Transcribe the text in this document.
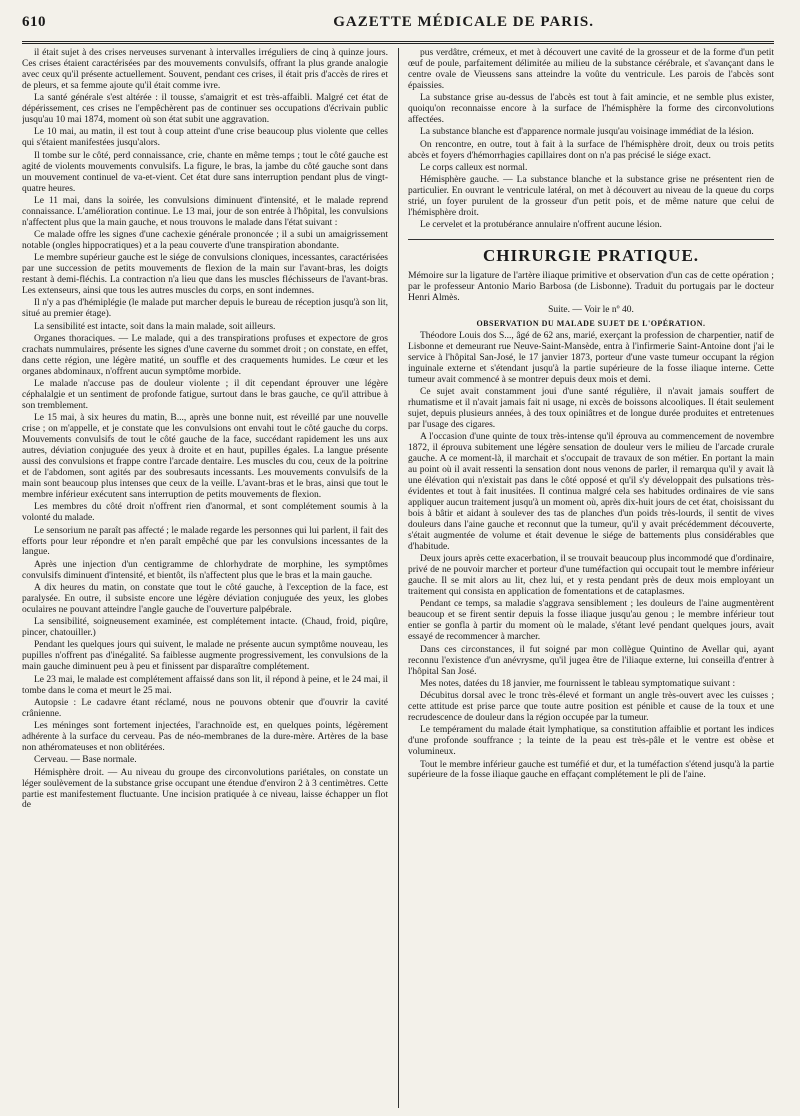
610	GAZETTE MÉDICALE DE PARIS.

il était sujet à des crises nerveuses survenant à intervalles irréguliers de cinq à quinze jours. Ces crises étaient caractérisées par des mouvements convulsifs, offrant la plus grande analogie avec ceux qu'il présente actuellement. Souvent, pendant ces crises, il était pris d'accès de rires et de pleurs, et sa femme ajoute qu'il était comme ivre.

La santé générale s'est altérée : il tousse, s'amaigrit et est très-affaibli. Malgré cet état de dépérissement, ces crises ne l'empêchèrent pas de continuer ses occupations d'écrivain public jusqu'au 10 mai 1874, moment où son état subit une aggravation.

Le 10 mai, au matin, il est tout à coup atteint d'une crise beaucoup plus violente que celles qui s'étaient manifestées jusqu'alors.

Il tombe sur le côté, perd connaissance, crie, chante en même temps ; tout le côté gauche est agité de violents mouvements convulsifs. La figure, le bras, la jambe du côté gauche sont dans un mouvement continuel de va-et-vient. Cet état dure sans interruption pendant plus de vingt-quatre heures.

Le 11 mai, dans la soirée, les convulsions diminuent d'intensité, et le malade reprend connaissance. L'amélioration continue. Le 13 mai, jour de son entrée à l'hôpital, les convulsions n'affectent plus que la main gauche, et nous trouvons le malade dans l'état suivant :

Ce malade offre les signes d'une cachexie générale prononcée ; il a subi un amaigrissement notable (ongles hippocratiques) et a la peau couverte d'une transpiration abondante.

Le membre supérieur gauche est le siége de convulsions cloniques, incessantes, caractérisées par une succession de petits mouvements de flexion de la main sur l'avant-bras, les doigts restant à demi-fléchis. La contraction n'a lieu que dans les muscles fléchisseurs de l'avant-bras. Les extenseurs, ainsi que tous les autres muscles du corps, en sont indemnes.

Il n'y a pas d'hémiplégie (le malade put marcher depuis le bureau de réception jusqu'à son lit, situé au premier étage).

La sensibilité est intacte, soit dans la main malade, soit ailleurs.

Organes thoraciques. — Le malade, qui a des transpirations profuses et expectore de gros crachats nummulaires, présente les signes d'une caverne du sommet droit ; on constate, en effet, dans cette région, une légère matité, un souffle et des craquements humides. Le cœur et les organes abdominaux, n'offrent aucun symptôme morbide.

Le malade n'accuse pas de douleur violente ; il dit cependant éprouver une légère céphalalgie et un sentiment de profonde fatigue, surtout dans le bras gauche, ce qu'il attribue à son tremblement.

Le 15 mai, à six heures du matin, B..., après une bonne nuit, est réveillé par une nouvelle crise ; on m'appelle, et je constate que les convulsions ont envahi tout le côté gauche du corps. Mouvements convulsifs de tout le côté gauche de la face, succédant rapidement les uns aux autres, déviation conjuguée des yeux à droite et en haut, pupilles égales. La langue présente aussi des convulsions et frappe contre l'arcade dentaire. Les muscles du cou, ceux de la poitrine et de l'abdomen, sont agités par des soubresauts incessants. Les mouvements convulsifs de la main sont beaucoup plus intenses que ceux de la veille. L'avant-bras et le bras, ainsi que tout le membre inférieur exécutent sans interruption de petits mouvements de flexion.

Les membres du côté droit n'offrent rien d'anormal, et sont complétement soumis à la volonté du malade.

Le sensorium ne paraît pas affecté ; le malade regarde les personnes qui lui parlent, il fait des efforts pour leur répondre et n'en paraît empêché que par les convulsions incessantes de la langue.

Après une injection d'un centigramme de chlorhydrate de morphine, les symptômes convulsifs diminuent d'intensité, et bientôt, ils n'affectent plus que le bras et la main gauche.

A dix heures du matin, on constate que tout le côté gauche, à l'exception de la face, est paralysée. En outre, il subsiste encore une légère déviation conjuguée des yeux, les globes oculaires ne pouvant atteindre l'angle gauche de l'ouverture palpébrale.

La sensibilité, soigneusement examinée, est complétement intacte. (Chaud, froid, piqûre, pincer, chatouiller.)

Pendant les quelques jours qui suivent, le malade ne présente aucun symptôme nouveau, les pupilles n'offrent pas d'inégalité. Sa faiblesse augmente progressivement, les convulsions de la main gauche diminuent peu à peu et finissent par disparaître complétement.

Le 23 mai, le malade est complétement affaissé dans son lit, il répond à peine, et le 24 mai, il tombe dans le coma et meurt le 25 mai.

Autopsie : Le cadavre étant réclamé, nous ne pouvons obtenir que d'ouvrir la cavité crânienne.

Les méninges sont fortement injectées, l'arachnoïde est, en quelques points, légèrement adhérente à la surface du cerveau. Pas de néo-membranes de la dure-mère. Artères de la base non athéromateuses et non oblitérées.

Cerveau. — Base normale.

Hémisphère droit. — Au niveau du groupe des circonvolutions pariétales, on constate un léger soulèvement de la substance grise occupant une étendue d'environ 2 à 3 centimètres. Cette partie est manifestement fluctuante. Une incision pratiquée à ce niveau, laisse échapper un flot de

pus verdâtre, crémeux, et met à découvert une cavité de la grosseur et de la forme d'un petit œuf de poule, parfaitement délimitée au milieu de la substance cérébrale, et s'avançant dans le centre ovale de Vieussens sans atteindre la voûte du ventricule. Les parois de l'abcès sont épaissies.

La substance grise au-dessus de l'abcès est tout à fait amincie, et ne semble plus exister, quoiqu'on reconnaisse encore à la surface de l'hémisphère la forme des circonvolutions affectées.

La substance blanche est d'apparence normale jusqu'au voisinage immédiat de la lésion.

On rencontre, en outre, tout à fait à la surface de l'hémisphère droit, deux ou trois petits abcès et foyers d'hémorrhagies capillaires dont on n'a pas précisé le siége exact.

Le corps calleux est normal.

Hémisphère gauche. — La substance blanche et la substance grise ne présentent rien de particulier. En ouvrant le ventricule latéral, on met à découvert au niveau de la queue du corps strié, un foyer purulent de la grosseur d'un petit pois, et de même nature que celui de l'hémisphère droit.

Le cervelet et la protubérance annulaire n'offrent aucune lésion.

CHIRURGIE PRATIQUE.

Mémoire sur la ligature de l'artère iliaque primitive et observation d'un cas de cette opération ; par le professeur Antonio Mario Barbosa (de Lisbonne). Traduit du portugais par le docteur Henri Almès.

Suite. — Voir le nº 40.

OBSERVATION DU MALADE SUJET DE L'OPÉRATION.

Théodore Louis dos S..., âgé de 62 ans, marié, exerçant la profession de charpentier, natif de Lisbonne et demeurant rue Neuve-Saint-Mansède, entra à l'infirmerie Saint-Antoine dont j'ai le service à l'hôpital San-José, le 17 janvier 1873, porteur d'une vaste tumeur occupant la région inguinale externe et s'étendant jusqu'à la partie supérieure de la fosse iliaque interne. Cette tumeur avait commencé à se montrer depuis deux mois et demi.

Ce sujet avait constamment joui d'une santé régulière, il n'avait jamais souffert de rhumatisme et il n'avait jamais fait ni usage, ni excès de boissons alcooliques. Il était seulement sujet, depuis plusieurs années, à des toux opiniâtres et de longue durée produites et entretenues par l'usage des cigares.

A l'occasion d'une quinte de toux très-intense qu'il éprouva au commencement de novembre 1872, il éprouva subitement une légère sensation de douleur vers le milieu de l'arcade crurale gauche. A ce moment-là, il marchait et s'occupait de travaux de son métier. En portant la main au point où il avait ressenti la sensation dont nous venons de parler, il remarqua qu'il y avait là une élévation qui n'existait pas dans le côté opposé et qu'il s'y développait des pulsations très-évidentes et tout à fait inusitées. Il continua malgré cela ses habitudes ordinaires de vie sans appliquer aucun traitement jusqu'à un moment où, après dix-huit jours de cet état, choisissant du bois à bâtir et aidant à soulever des tas de planches d'un poids très-lourds, il sentit de vives douleurs dans l'aine gauche et reconnut que la tumeur, qu'il y avait précédemment découverte, s'était augmentée de volume et était devenue le siége de battements plus considérables que d'habitude.

Deux jours après cette exacerbation, il se trouvait beaucoup plus incommodé que d'ordinaire, privé de ne pouvoir marcher et porteur d'une tuméfaction qui occupait tout le membre inférieur gauche. Il se mit alors au lit, chez lui, et y resta pendant près de deux mois employant un traitement qui consista en application de fomentations et de cataplasmes.

Pendant ce temps, sa maladie s'aggrava sensiblement ; les douleurs de l'aine augmentèrent beaucoup et se firent sentir depuis la fosse iliaque jusqu'au genou ; le membre inférieur tout entier se gonfla à partir du moment où le malade, s'étant levé pendant quelques jours, avait essayé de recommencer à marcher.

Dans ces circonstances, il fut soigné par mon collègue Quintino de Avellar qui, ayant reconnu l'existence d'un anévrysme, qu'il jugea être de l'iliaque externe, lui conseilla d'entrer à l'hôpital San José.

Mes notes, datées du 18 janvier, me fournissent le tableau symptomatique suivant :

Décubitus dorsal avec le tronc très-élevé et formant un angle très-ouvert avec les cuisses ; cette attitude est prise parce que toute autre position est pénible et cause de la toux et une recrudescence de douleur dans la région occupée par la tumeur.

Le tempérament du malade était lymphatique, sa constitution affaiblie et portant les indices d'une profonde souffrance ; la teinte de la peau est très-pâle et le ventre est obèse et volumineux.

Tout le membre inférieur gauche est tuméfié et dur, et la tuméfaction s'étend jusqu'à la partie supérieure de la fosse iliaque gauche en effaçant complétement le pli de l'aine.
